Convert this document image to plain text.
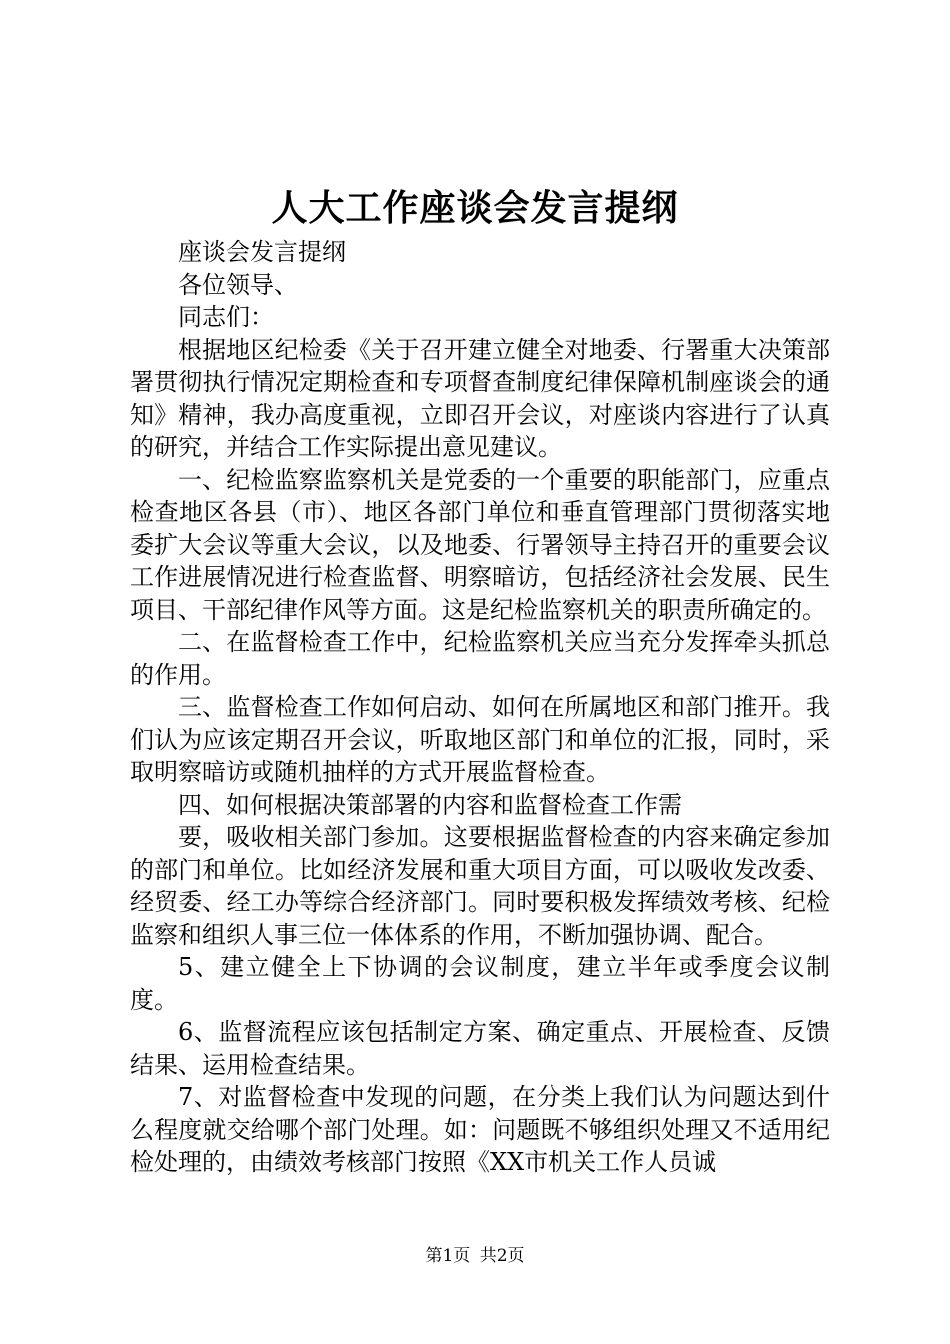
人大工作座谈会发言提纲

座谈会发言提纲

各位领导、

同志们：

根据地区纪检委《关于召开建立健全对地委、行署重大决策部署贯彻执行情况定期检查和专项督查制度纪律保障机制座谈会的通知》精神，我办高度重视，立即召开会议，对座谈内容进行了认真的研究，并结合工作实际提出意见建议。

一、纪检监察监察机关是党委的一个重要的职能部门，应重点检查地区各县（市）、地区各部门单位和垂直管理部门贯彻落实地委扩大会议等重大会议，以及地委、行署领导主持召开的重要会议工作进展情况进行检查监督、明察暗访，包括经济社会发展、民生项目、干部纪律作风等方面。这是纪检监察机关的职责所确定的。

二、在监督检查工作中，纪检监察机关应当充分发挥牵头抓总的作用。

三、监督检查工作如何启动、如何在所属地区和部门推开。我们认为应该定期召开会议，听取地区部门和单位的汇报，同时，采取明察暗访或随机抽样的方式开展监督检查。

四、如何根据决策部署的内容和监督检查工作需

要，吸收相关部门参加。这要根据监督检查的内容来确定参加的部门和单位。比如经济发展和重大项目方面，可以吸收发改委、经贸委、经工办等综合经济部门。同时要积极发挥绩效考核、纪检监察和组织人事三位一体体系的作用，不断加强协调、配合。

5、建立健全上下协调的会议制度，建立半年或季度会议制度。

6、监督流程应该包括制定方案、确定重点、开展检查、反馈结果、运用检查结果。

7、对监督检查中发现的问题，在分类上我们认为问题达到什么程度就交给哪个部门处理。如：问题既不够组织处理又不适用纪检处理的，由绩效考核部门按照《XX市机关工作人员诚

第1页 共2页
